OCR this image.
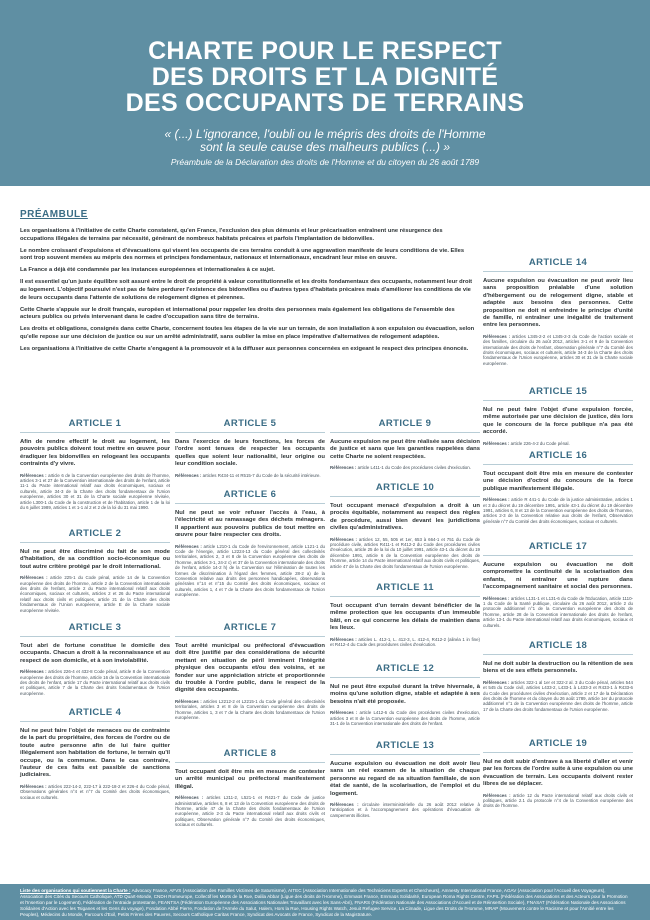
CHARTE POUR LE RESPECT
DES DROITS ET LA DIGNITÉ
DES OCCUPANTS DE TERRAINS
« (...) L'ignorance, l'oubli ou le mépris des droits de l'Homme
sont la seule cause des malheurs publics (...) »
Préambule de la Déclaration des droits de l'Homme et du citoyen du 26 août 1789
PRÉAMBULE

Les organisations à l'initiative de cette Charte constatent, qu'en France, l'exclusion des plus démunis et leur précarisation entraînent une résurgence des occupations illégales de terrains par nécessité, générant de nombreux habitats précaires et parfois l'implantation de bidonvilles.

Le nombre croissant d'expulsions et d'évacuations qui visent les occupants de ces terrains conduit à une aggravation manifeste de leurs conditions de vie. Elles sont trop souvent menées au mépris des normes et principes fondamentaux, nationaux et internationaux, encadrant leur mise en œuvre.

La France a déjà été condamnée par les instances européennes et internationales à ce sujet.

Il est essentiel qu'un juste équilibre soit assuré entre le droit de propriété à valeur constitutionnelle et les droits fondamentaux des occupants, notamment leur droit au logement. L'objectif poursuivi n'est pas de faire perdurer l'existence des bidonvilles ou d'autres types d'habitats précaires mais d'améliorer les conditions de vie de leurs occupants dans l'attente de solutions de relogement dignes et pérennes.

Cette Charte s'appuie sur le droit français, européen et international pour rappeler les droits des personnes mais également les obligations de l'ensemble des acteurs publics ou privés intervenant dans le cadre d'occupation sans titre de terrains.

Les droits et obligations, consignés dans cette Charte, concernent toutes les étapes de la vie sur un terrain, de son installation à son expulsion ou évacuation, selon qu'elle repose sur une décision de justice ou sur un arrêté administratif, sans oublier la mise en place impérative d'alternatives de relogement adaptées.

Les organisations à l'initiative de cette Charte s'engagent à la promouvoir et à la diffuser aux personnes concernées en exigeant le respect des principes énoncés.

ARTICLE 1
Afin de rendre effectif le droit au logement, les pouvoirs publics doivent tout mettre en œuvre pour éradiquer les bidonvilles en relogeant les occupants contraints d'y vivre.
Références : article 6 de la Convention européenne des droits de l'homme, articles 3-1 et 27 de la Convention internationale des droits de l'enfant, article 11-1 du Pacte international relatif aux droits économiques, sociaux et culturels, article 34-3 de la Charte des droits fondamentaux de l'Union européenne, articles 30 et 31 de la Charte sociale européenne révisée, article L300-1 du Code de la construction et de l'habitation, article 1 de la loi du 6 juillet 1989, articles 1 et 1-1 al 2 et 2 de la loi du 31 mai 1990.
ARTICLE 2
Nul ne peut être discriminé du fait de son mode d'habitation, de sa condition socio-économique ou tout autre critère protégé par le droit international.
Références : article 225-1 du Code pénal, article 14 de la Convention européenne des droits de l'homme, article 2 de la Convention internationale des droits de l'enfant, article 2 du Pacte international relatif aux droits économiques, sociaux et culturels, articles 2 et 26 du Pacte international relatif aux droits civils et politiques, article 21 de la Charte des droits fondamentaux de l'Union européenne, article E de la Charte sociale européenne révisée.
ARTICLE 3
Tout abri de fortune constitue le domicile des occupants. Chacun a droit à la reconnaissance et au respect de son domicile, et à son inviolabilité.
Références : articles 226-4 et 432-8 Code pénal, article 8 de la Convention européenne des droits de l'homme, article 16 de la Convention internationale des droits de l'enfant, article 17 du Pacte international relatif aux droits civils et politiques, article 7 de la Charte des droits fondamentaux de l'Union européenne.
ARTICLE 4
Nul ne peut faire l'objet de menaces ou de contrainte de la part du propriétaire, des forces de l'ordre ou de toute autre personne afin de lui faire quitter illégalement son habitation de fortune, le terrain qu'il occupe, ou la commune. Dans le cas contraire, l'auteur de ces faits est passible de sanctions judiciaires.
Références : articles 222-14-2, 222-17 à 222-18-2 et 226-4 du Code pénal, Observations générales n°4 et n°7 du Comité des droits économiques, sociaux et culturels.
ARTICLE 5
Dans l'exercice de leurs fonctions, les forces de l'ordre sont tenues de respecter les occupants quelles que soient leur nationalité, leur origine ou leur condition sociale.
Références : articles R434-11 et R515-7 du Code de la sécurité intérieure.
ARTICLE 6
Nul ne peut se voir refuser l'accès à l'eau, à l'électricité et au ramassage des déchets ménagers. Il appartient aux pouvoirs publics de tout mettre en œuvre pour faire respecter ces droits.
Références : article L210-1 du Code de l'environnement, article L121-1 du Code de l'énergie, article L2224-13 du Code général des collectivités territoriales, articles 2, 3 et 8 de la Convention européenne des droits de l'homme, articles 3-1, 24-2 c) et 37 de la Convention internationale des droits de l'enfant, article 14-2 h) de la Convention sur l'élimination de toutes les formes de discrimination à l'égard des femmes, article 28-2 a) de la Convention relative aux droits des personnes handicapées, observations générales n°14 et n°15 du Comité des droits économiques, sociaux et culturels, articles 1, 4 et 7 de la Charte des droits fondamentaux de l'Union européenne.
ARTICLE 7
Tout arrêté municipal ou préfectoral d'évacuation doit être justifié par des considérations de sécurité mettant en situation de péril imminent l'intégrité physique des occupants et/ou des voisins, et se fonder sur une appréciation stricte et proportionnée du trouble à l'ordre public, dans le respect de la dignité des occupants.
Références : articles L2212-2 et L2215-1 du Code général des collectivités territoriales, articles 3 et 8 de la Convention européenne des droits de l'homme, articles 1, 3 et 7 de la Charte des droits fondamentaux de l'Union européenne.
ARTICLE 8
Tout occupant doit être mis en mesure de contester un arrêté municipal ou préfectoral manifestement illégal.
Références : articles L211-2, L521-1 et R421-7 du Code de justice administrative, articles 6, 8 et 13 de la Convention européenne des droits de l'homme, article 47 de la Charte des droits fondamentaux de l'Union européenne, article 2-3 du Pacte international relatif aux droits civils et politiques, Observation générale n°7 du Comité des droits économiques, sociaux et culturels.
ARTICLE 9
Aucune expulsion ne peut être réalisée sans décision de justice et sans que les garanties rappelées dans cette Charte ne soient respectées.
Références : article L411-1 du Code des procédures civiles d'exécution.
ARTICLE 10
Tout occupant menacé d'expulsion a droit à un procès équitable, notamment au respect des règles de procédure, aussi bien devant les juridictions civiles qu'administratives.
Références : articles 12, 55, 505 et 1er, 653 à 664-1 et 751 du Code de procédure civile, articles R411-1 et R412-2 du Code des procédures civiles d'exécution, article 25 de la loi du 10 juillet 1991, article 43-1 du décret du 19 décembre 1991, article 6 de la Convention européenne des droits de l'homme, article 14 du Pacte international relatif aux droits civils et politiques, article 47 de la Charte des droits fondamentaux de l'Union européenne.
ARTICLE 11
Tout occupant d'un terrain devant bénéficier de la même protection que les occupants d'un immeuble bâti, en ce qui concerne les délais de maintien dans les lieux.
Références : articles L. 412-1, L. 412-3, L. 412-4, R412-2 (alinéa 1 in fine) et R412-4 du Code des procédures civiles d'exécution.
ARTICLE 12
Nul ne peut être expulsé durant la trêve hivernale, à moins qu'une solution digne, stable et adaptée à ses besoins n'ait été proposée.
Références : article L412-6 du Code des procédures civiles d'exécution, articles 3 et 8 de la Convention européenne des droits de l'homme, article 31-1 de la Convention internationale des droits de l'enfant.
ARTICLE 13
Aucune expulsion ou évacuation ne doit avoir lieu sans un réel examen de la situation de chaque personne au regard de sa situation familiale, de son état de santé, de la scolarisation, de l'emploi et du logement.
Références : circulaire interministérielle du 26 août 2012 relative à l'anticipation et à l'accompagnement des opérations d'évacuation de campements illicites.
ARTICLE 14
Aucune expulsion ou évacuation ne peut avoir lieu sans proposition préalable d'une solution d'hébergement ou de relogement digne, stable et adaptée aux besoins des personnes. Cette proposition ne doit ni enfreindre le principe d'unité de famille, ni entraîner une inégalité de traitement entre les personnes.
Références : articles L345-2-2 et L345-2-3 du Code de l'action sociale et des familles, circulaire du 26 août 2012, articles 3-1 et 9 de la Convention internationale des droits de l'enfant, observation générale n°7 du Comité des droits économiques, sociaux et culturels, article 34-3 de la Charte des droits fondamentaux de l'Union européenne, articles 30 et 31 de la Charte sociale européenne.
ARTICLE 15
Nul ne peut faire l'objet d'une expulsion forcée, même autorisée par une décision de justice, dès lors que le concours de la force publique n'a pas été accordé.
Références : article 226-4-2 du Code pénal.
ARTICLE 16
Tout occupant doit être mis en mesure de contester une décision d'octroi du concours de la force publique manifestement illégale.
Références : article R 441-1 du Code de la justice administrative, articles 1 et 3 du décret du 19 décembre 1991, article 43-1 du décret du 19 décembre 1991, articles 6, 8 et 13 de la Convention européenne des droits de l'homme, articles 2-3 de la Convention relative aux droits de l'enfant, Observation générale n°7 du Comité des droits économiques, sociaux et culturels.
ARTICLE 17
Aucune expulsion ou évacuation ne doit compromettre la continuité de la scolarisation des enfants, ni entraîner une rupture dans l'accompagnement sanitaire et social des personnes.
Références : articles L131-1 et L131-6 du Code de l'Education, article 1110-1 du Code de la Santé publique, circulaire du 26 août 2012, article 2 du protocole additionnel n°1 de la Convention européenne des droits de l'homme, article 28 de la Convention internationale des droits de l'enfant, article 13-1 du Pacte international relatif aux droits économiques, sociaux et culturels.
ARTICLE 18
Nul ne doit subir la destruction ou la rétention de ses biens et de ses effets personnels.
Références : articles 322-1 al 1er et 322-2 al. 3 du Code pénal, articles 544 et 545 du Code civil, articles L433-2, L433-1 à L433-3 et R433-1 à R433-6 du Code des procédures civiles d'exécution, article 2 et 17 de la Déclaration des droits de l'homme et du citoyen du 26 août 1789, article 1er du protocole additionnel n°1 de la Convention européenne des droits de l'homme, article 17 de la Charte des droits fondamentaux de l'Union européenne.
ARTICLE 19
Nul ne doit subir d'entrave à sa liberté d'aller et venir par les forces de l'ordre suite à une expulsion ou une évacuation de terrain. Les occupants doivent rester libres de se déplacer.
Références : article 12 du Pacte international relatif aux droits civils et politiques, article 2.1 du protocole n°4 de la Convention européenne des droits de l'homme.
Liste des organisations qui soutiennent la Charte : Advocacy France, AFVS (Association des Familles Victimes de Saturnisme), AITEC (Association Internationale des Techniciens Experts et Chercheurs), Amnesty International France, AGAV (Association pour l'Accueil des Voyageurs), Association des Cités du Secours Catholique, ATD Quart-Monde, CNDH Romeurope, Collectif les Morts de la Rue, Dalila Abbar (Ligue des droits de l'Homme), Emmaüs France, Emmaüs Solidarité, European Roma Rights Centre, FAPIL (Fédération des Associations et des Acteurs pour la Promotion et l'Insertion par le Logement), Fédération de l'entraide protestante, FEANTSA (Fédération Européenne des Associations Nationales Travaillant avec les Sans-Abri), FNARS (Fédération Nationale des Associations d'Accueil et de Réinsertion Sociale), FNASAT (Fédération Nationale des Associations Solidaires d'Action avec les Tsiganes et les Gens du voyage), Fondation Abbé Pierre, Fondation de l'Armée du Salut, Halem, Hors la Rue, Housing Rights Watch, Jesuit Refugee Service, La Cimade, Ligue des Droits de l'Homme, MRAP (Mouvement contre le Racisme et pour l'Amitié entre les Peuples), Médecins du Monde, Parcours d'Exil, Petits Frères des Pauvres, Secours Catholique Caritas France, Syndicat des Avocats de France, Syndicat de la Magistrature.
